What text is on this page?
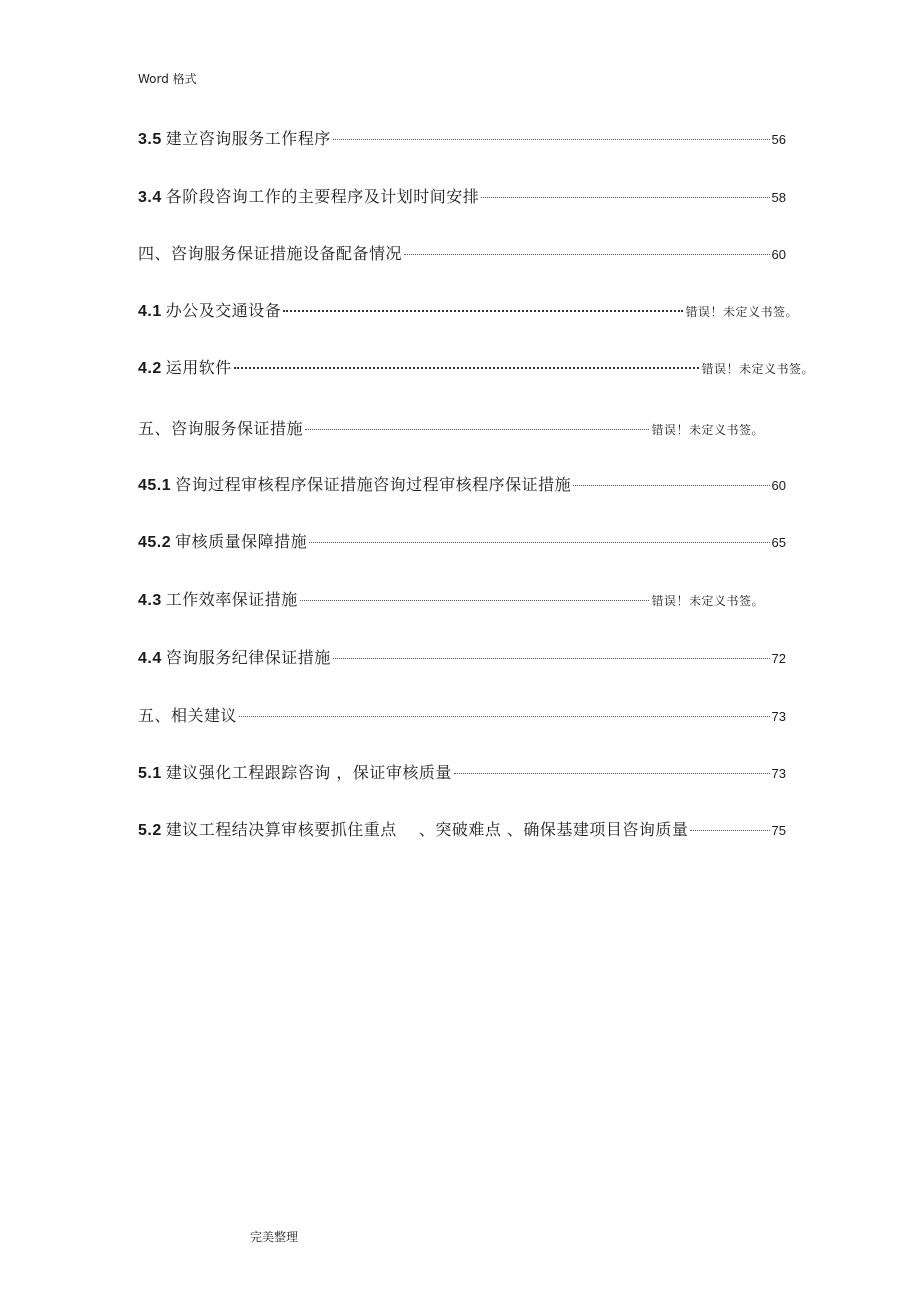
Word 格式
3.5 建立咨询服务工作程序	56
3.4 各阶段咨询工作的主要程序及计划时间安排	58
四、咨询服务保证措施设备配备情况	60
4.1 办公及交通设备	错误！未定义书签。
4.2 运用软件	错误！未定义书签。
五、咨询服务保证措施	错误！未定义书签。
45.1 咨询过程审核程序保证措施咨询过程审核程序保证措施	60
45.2 审核质量保障措施	65
4.3 工作效率保证措施	错误！未定义书签。
4.4 咨询服务纪律保证措施	72
五、相关建议	73
5.1 建议强化工程跟踪咨询 ，保证审核质量	73
5.2 建议工程结决算审核要抓住重点　 、突破难点 、确保基建项目咨询质量	75
完美整理
